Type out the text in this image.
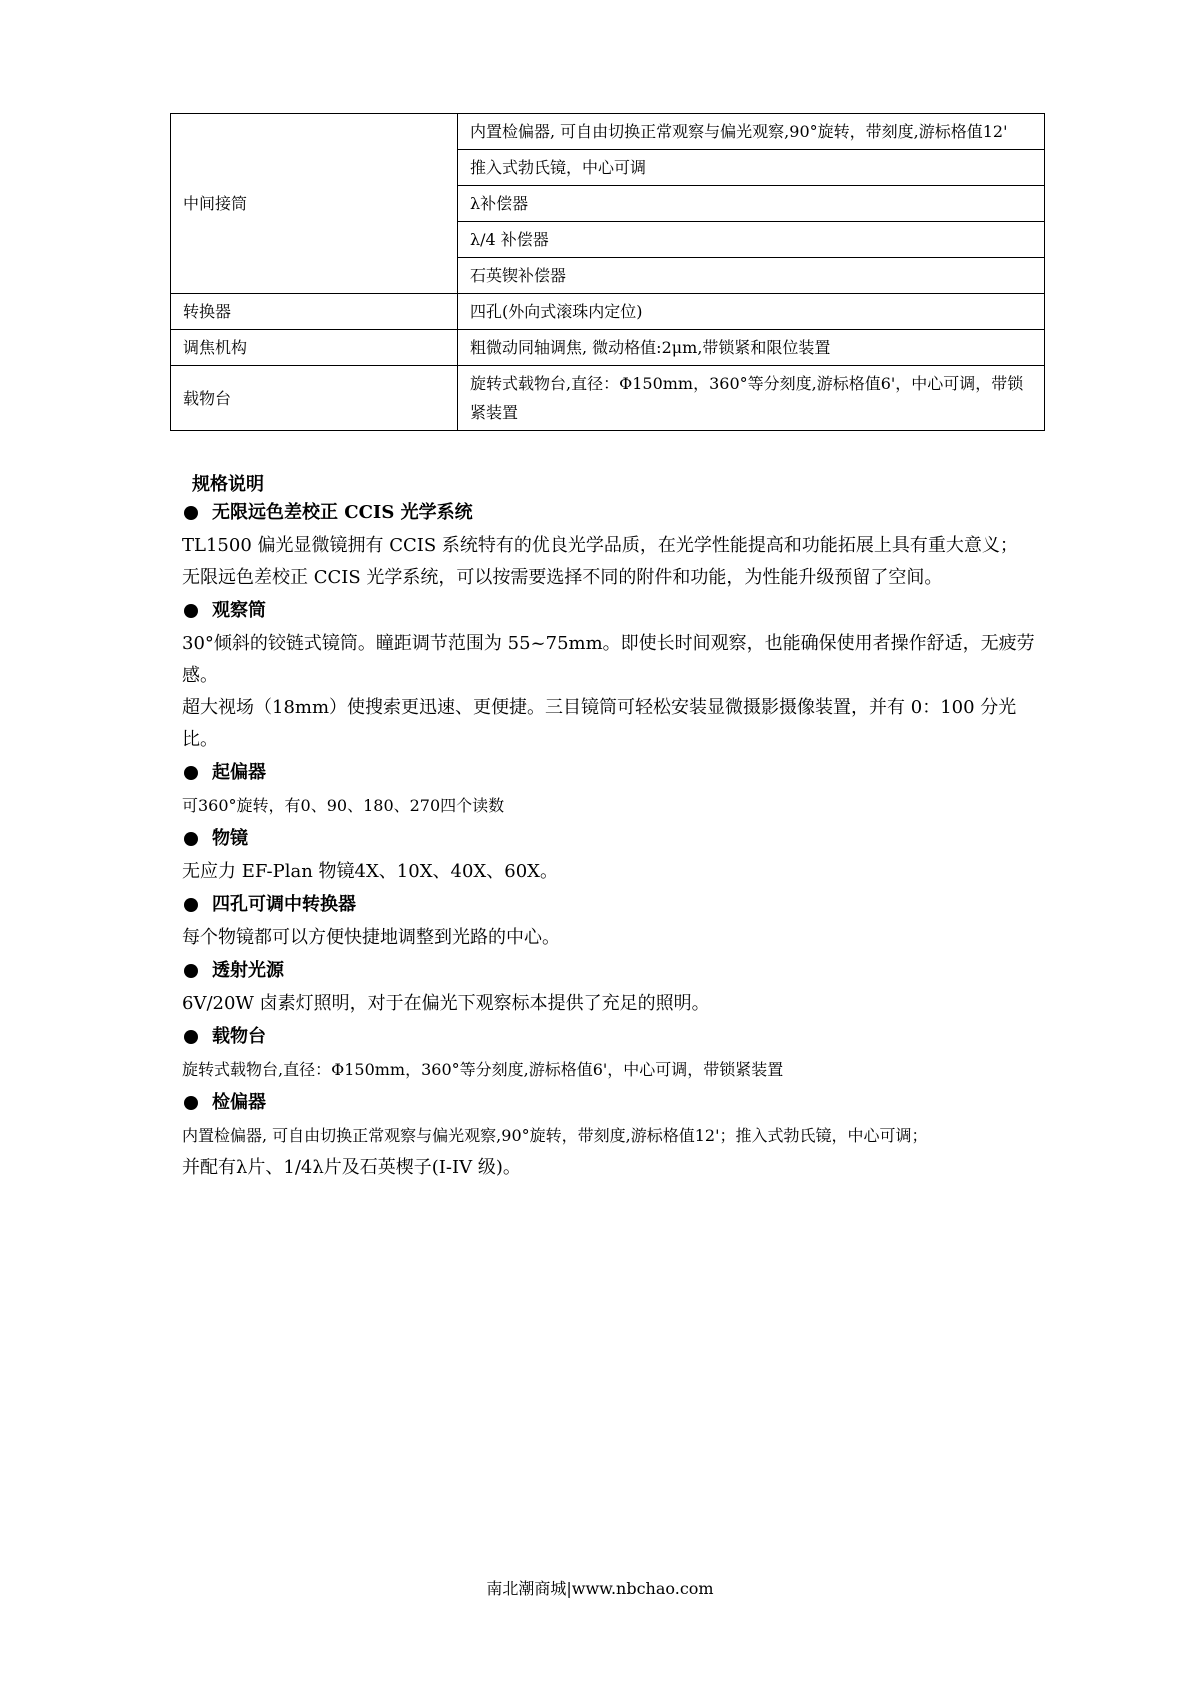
中间接筒	内置检偏器, 可自由切换正常观察与偏光观察,90°旋转，带刻度,游标格值12'
	推入式勃氏镜，中心可调
	λ补偿器
	λ/4 补偿器
	石英锲补偿器
转换器	四孔(外向式滚珠内定位)
调焦机构	粗微动同轴调焦, 微动格值:2μm,带锁紧和限位装置
载物台	旋转式载物台,直径：Φ150mm，360°等分刻度,游标格值6'，中心可调，带锁紧装置
规格说明
无限远色差校正 CCIS 光学系统

TL1500 偏光显微镜拥有 CCIS 系统特有的优良光学品质，在光学性能提高和功能拓展上具有重大意义；

无限远色差校正 CCIS 光学系统，可以按需要选择不同的附件和功能，为性能升级预留了空间。

观察筒

30°倾斜的铰链式镜筒。瞳距调节范围为 55~75mm。即使长时间观察，也能确保使用者操作舒适，无疲劳感。

超大视场（18mm）使搜索更迅速、更便捷。三目镜筒可轻松安装显微摄影摄像装置，并有 0：100 分光比。

起偏器

可360°旋转，有0、90、180、270四个读数

物镜

无应力 EF-Plan 物镜4X、10X、40X、60X。

四孔可调中转换器

每个物镜都可以方便快捷地调整到光路的中心。

透射光源

6V/20W 卤素灯照明，对于在偏光下观察标本提供了充足的照明。

载物台

旋转式载物台,直径：Φ150mm，360°等分刻度,游标格值6'，中心可调，带锁紧装置

检偏器

内置检偏器, 可自由切换正常观察与偏光观察,90°旋转，带刻度,游标格值12'；推入式勃氏镜，中心可调；

并配有λ片、1/4λ片及石英楔子(I-IV 级)。

南北潮商城|www.nbchao.com
